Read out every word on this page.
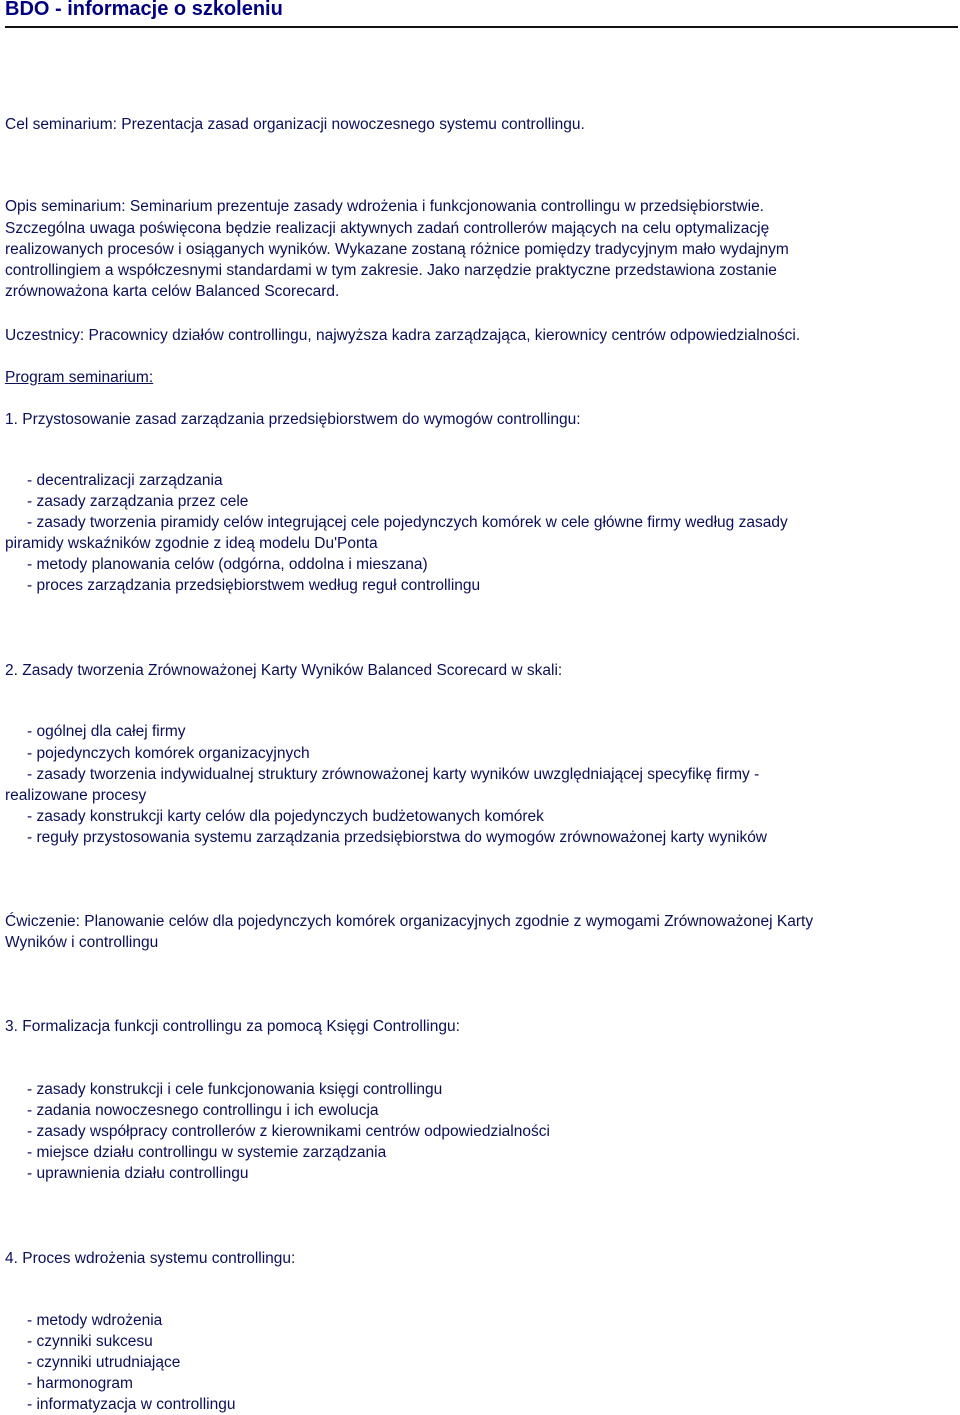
BDO - informacje o szkoleniu
Cel seminarium: Prezentacja zasad organizacji nowoczesnego systemu controllingu.
Opis seminarium: Seminarium prezentuje zasady wdrożenia i funkcjonowania controllingu w przedsiębiorstwie.
Szczególna uwaga poświęcona będzie realizacji aktywnych zadań controllerów mających na celu optymalizację
realizowanych procesów i osiąganych wyników. Wykazane zostaną różnice pomiędzy tradycyjnym mało wydajnym
controllingiem a współczesnymi standardami w tym zakresie. Jako narzędzie praktyczne przedstawiona zostanie
zrównoważona karta celów Balanced Scorecard.
Uczestnicy: Pracownicy działów controllingu, najwyższa kadra zarządzająca, kierownicy centrów odpowiedzialności.
Program seminarium:
1. Przystosowanie zasad zarządzania przedsiębiorstwem do wymogów controllingu:
- decentralizacji zarządzania
- zasady zarządzania przez cele
- zasady tworzenia piramidy celów integrującej cele pojedynczych komórek w cele główne firmy według zasady
piramidy wskaźników zgodnie z ideą modelu Du'Ponta
- metody planowania celów (odgórna, oddolna i mieszana)
- proces zarządzania przedsiębiorstwem według reguł controllingu
2. Zasady tworzenia Zrównoważonej Karty Wyników Balanced Scorecard w skali:
- ogólnej dla całej firmy
- pojedynczych komórek organizacyjnych
- zasady tworzenia indywidualnej struktury zrównoważonej karty wyników uwzględniającej specyfikę firmy -
realizowane procesy
- zasady konstrukcji karty celów dla pojedynczych budżetowanych komórek
- reguły przystosowania systemu zarządzania przedsiębiorstwa do wymogów zrównoważonej karty wyników
Ćwiczenie: Planowanie celów dla pojedynczych komórek organizacyjnych zgodnie z wymogami Zrównoważonej Karty
Wyników i controllingu
3. Formalizacja funkcji controllingu za pomocą Księgi Controllingu:
- zasady konstrukcji i cele funkcjonowania księgi controllingu
- zadania nowoczesnego controllingu i ich ewolucja
- zasady współpracy controllerów z kierownikami centrów odpowiedzialności
- miejsce działu controllingu w systemie zarządzania
- uprawnienia działu controllingu
4. Proces wdrożenia systemu controllingu:
- metody wdrożenia
- czynniki sukcesu
- czynniki utrudniające
- harmonogram
- informatyzacja w controllingu
